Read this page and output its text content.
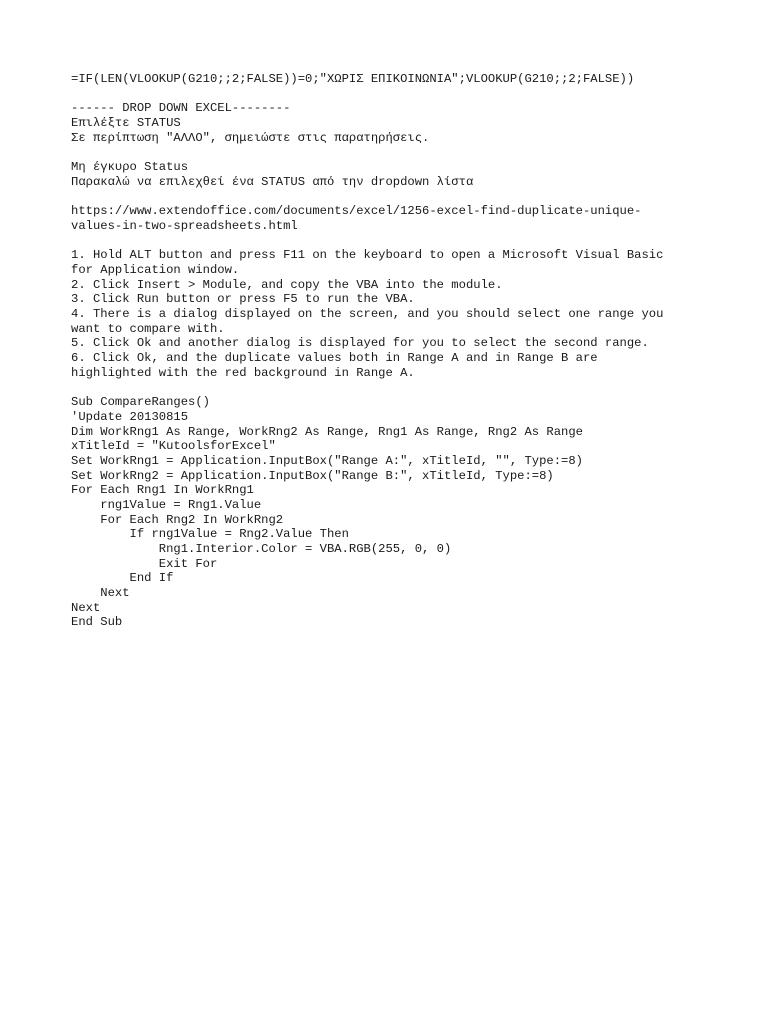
=IF(LEN(VLOOKUP(G210;;2;FALSE))=0;"ΧΩΡΙΣ ΕΠΙΚΟΙΝΩΝΙΑ";VLOOKUP(G210;;2;FALSE))
------ DROP DOWN EXCEL--------
Επιλέξτε STATUS
Σε περίπτωση "ΑΛΛΟ", σημειώστε στις παρατηρήσεις.
Μη έγκυρο Status
Παρακαλώ να επιλεχθεί ένα STATUS από την dropdown λίστα
https://www.extendoffice.com/documents/excel/1256-excel-find-duplicate-unique-
values-in-two-spreadsheets.html
1. Hold ALT button and press F11 on the keyboard to open a Microsoft Visual Basic
for Application window.
2. Click Insert > Module, and copy the VBA into the module.
3. Click Run button or press F5 to run the VBA.
4. There is a dialog displayed on the screen, and you should select one range you
want to compare with.
5. Click Ok and another dialog is displayed for you to select the second range.
6. Click Ok, and the duplicate values both in Range A and in Range B are
highlighted with the red background in Range A.
Sub CompareRanges()
'Update 20130815
Dim WorkRng1 As Range, WorkRng2 As Range, Rng1 As Range, Rng2 As Range
xTitleId = "KutoolsforExcel"
Set WorkRng1 = Application.InputBox("Range A:", xTitleId, "", Type:=8)
Set WorkRng2 = Application.InputBox("Range B:", xTitleId, Type:=8)
For Each Rng1 In WorkRng1
rng1Value = Rng1.Value
For Each Rng2 In WorkRng2
If rng1Value = Rng2.Value Then
Rng1.Interior.Color = VBA.RGB(255, 0, 0)
Exit For
End If
Next
Next
End Sub
